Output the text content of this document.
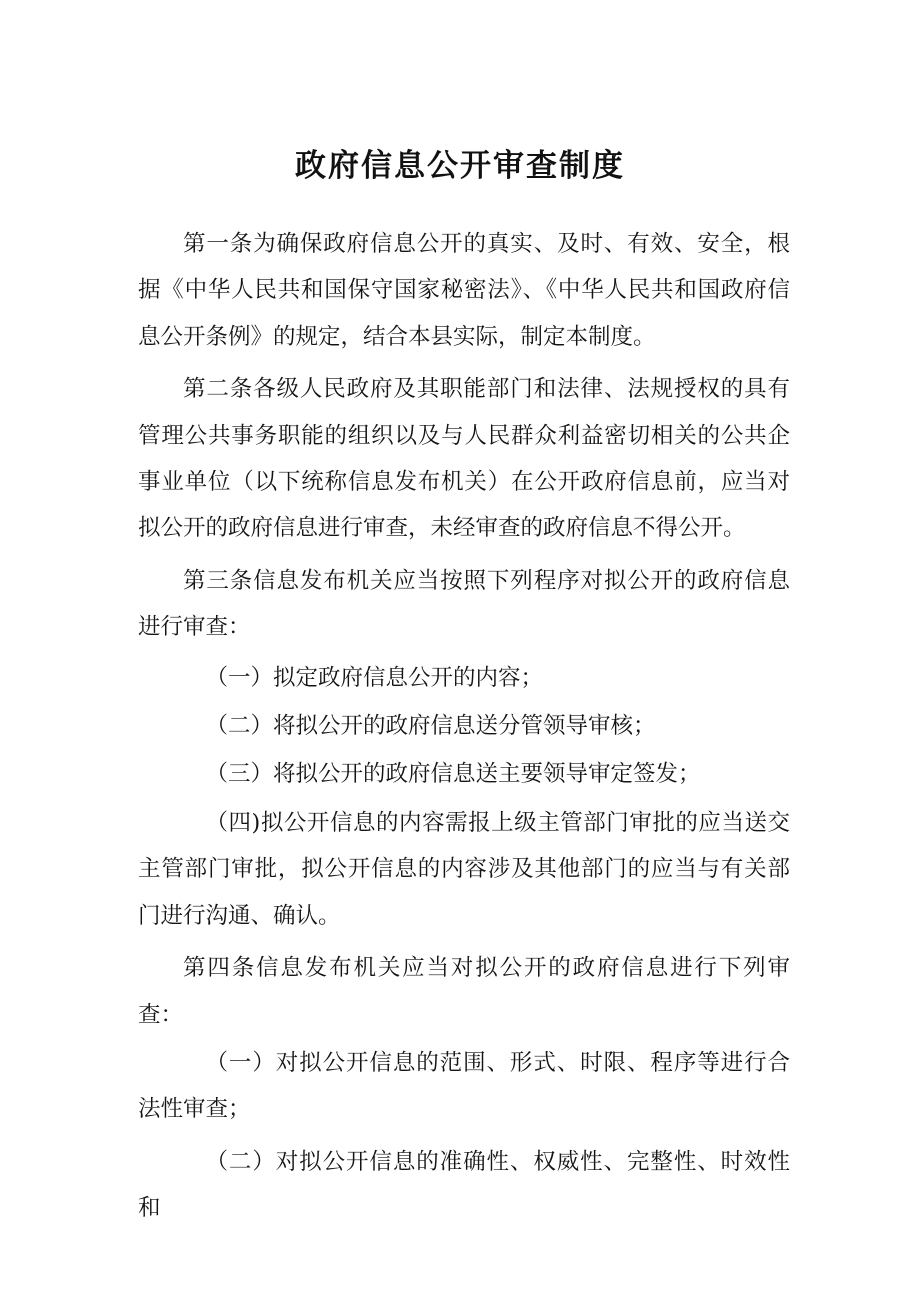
政府信息公开审查制度

第一条为确保政府信息公开的真实、及时、有效、安全，根据《中华人民共和国保守国家秘密法》、《中华人民共和国政府信息公开条例》的规定，结合本县实际，制定本制度。

第二条各级人民政府及其职能部门和法律、法规授权的具有管理公共事务职能的组织以及与人民群众利益密切相关的公共企事业单位（以下统称信息发布机关）在公开政府信息前，应当对拟公开的政府信息进行审查，未经审查的政府信息不得公开。

第三条信息发布机关应当按照下列程序对拟公开的政府信息进行审查：

（一）拟定政府信息公开的内容；

（二）将拟公开的政府信息送分管领导审核；

（三）将拟公开的政府信息送主要领导审定签发；

（四)拟公开信息的内容需报上级主管部门审批的应当送交主管部门审批，拟公开信息的内容涉及其他部门的应当与有关部门进行沟通、确认。

第四条信息发布机关应当对拟公开的政府信息进行下列审查：

（一）对拟公开信息的范围、形式、时限、程序等进行合法性审查；

（二）对拟公开信息的准确性、权威性、完整性、时效性和
